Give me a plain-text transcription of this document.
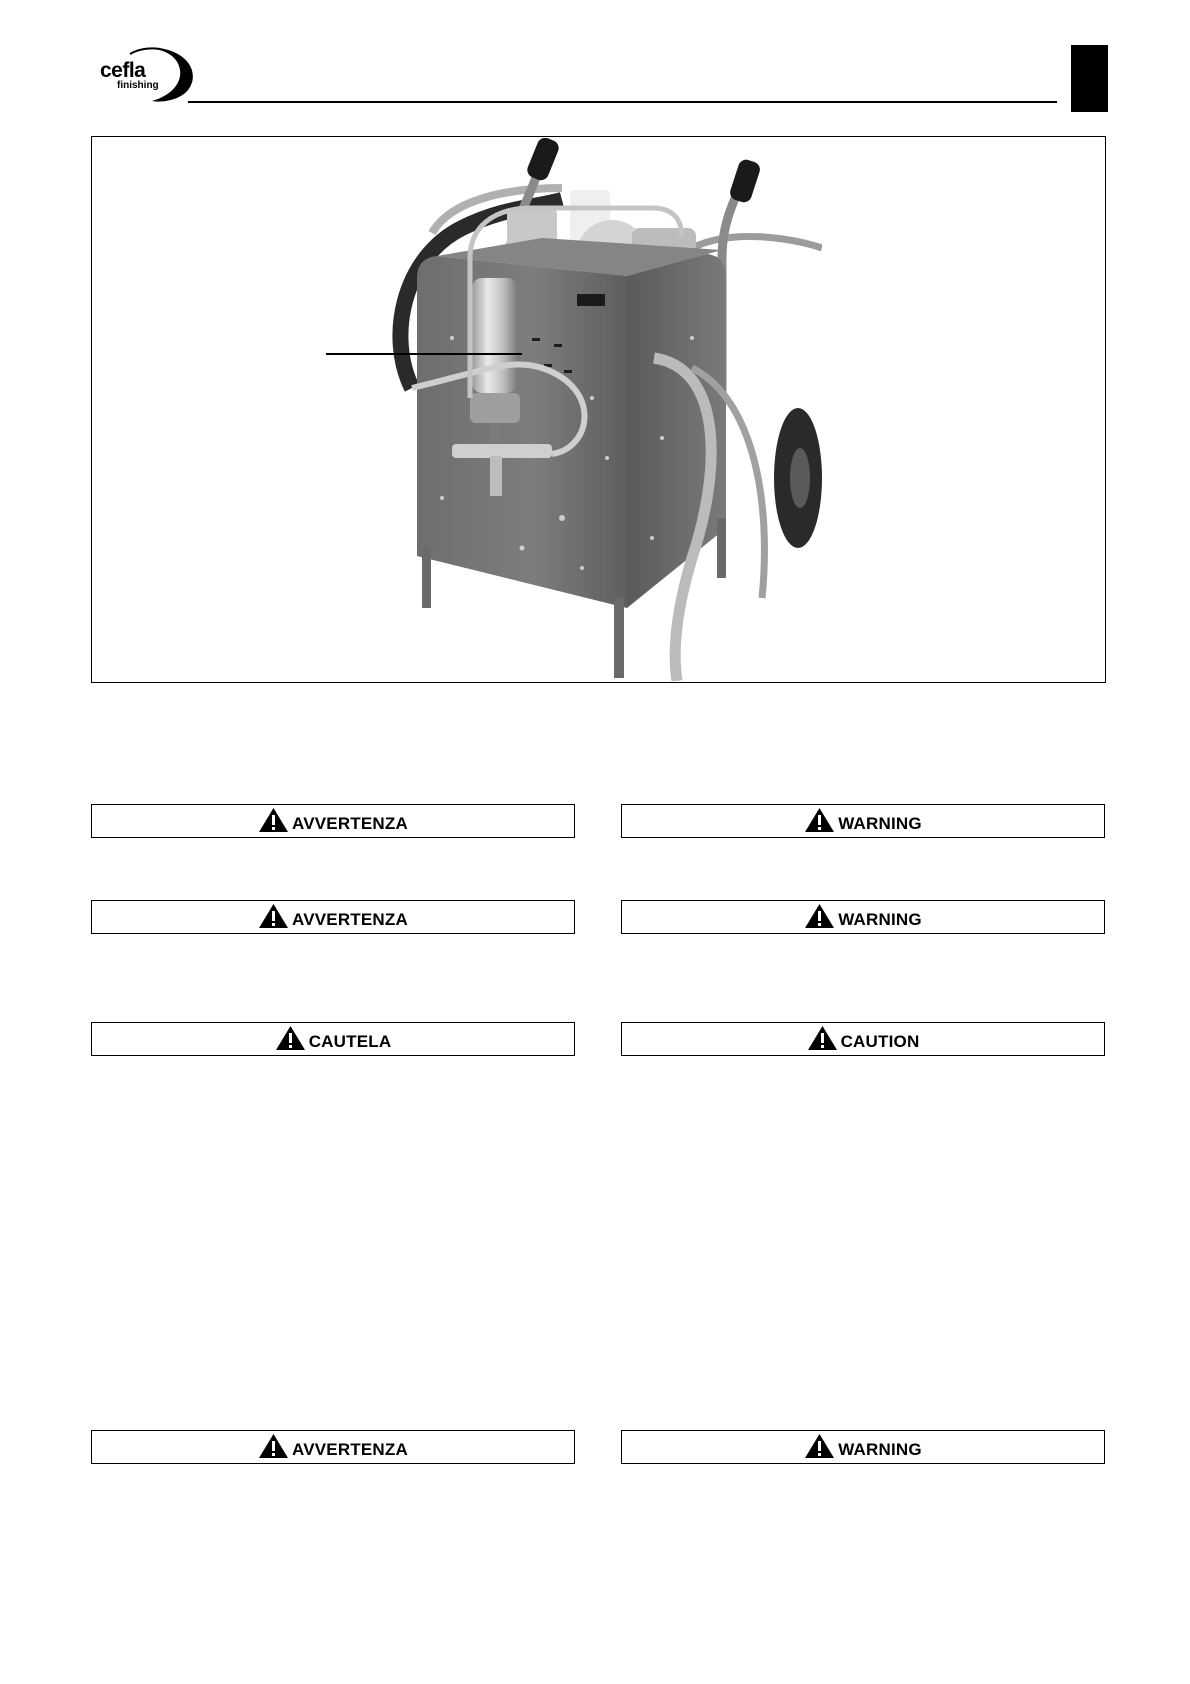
cefla
finishing
AVVERTENZA	WARNING
AVVERTENZA	WARNING
CAUTELA	CAUTION
AVVERTENZA	WARNING
